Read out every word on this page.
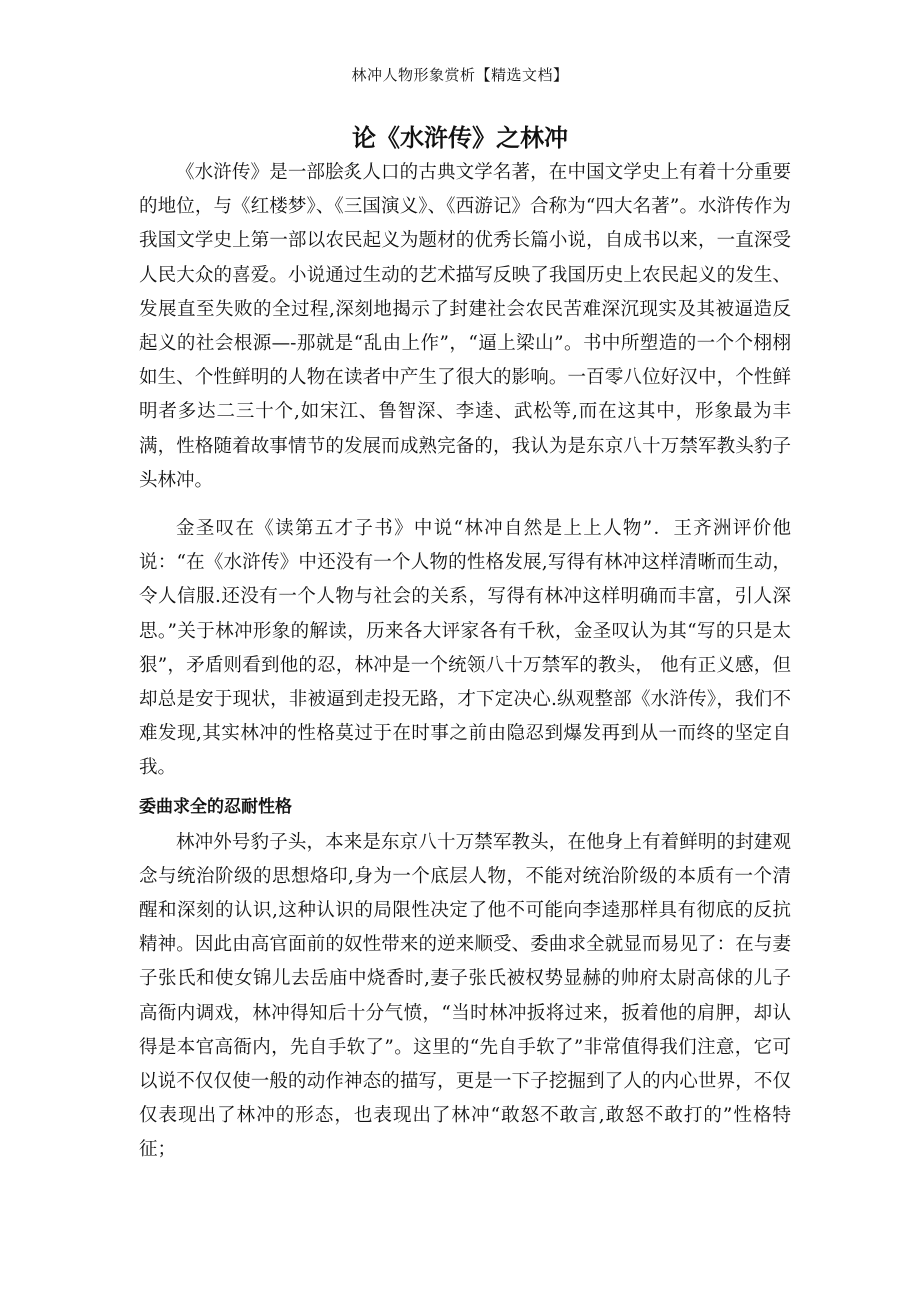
林冲人物形象赏析【精选文档】
论《水浒传》之林冲

《水浒传》是一部脍炙人口的古典文学名著，在中国文学史上有着十分重要的地位，与《红楼梦》、《三国演义》、《西游记》合称为“四大名著”。水浒传作为我国文学史上第一部以农民起义为题材的优秀长篇小说，自成书以来，一直深受人民大众的喜爱。小说通过生动的艺术描写反映了我国历史上农民起义的发生、发展直至失败的全过程,深刻地揭示了封建社会农民苦难深沉现实及其被逼造反起义的社会根源—-那就是“乱由上作”，“逼上梁山”。书中所塑造的一个个栩栩如生、个性鲜明的人物在读者中产生了很大的影响。一百零八位好汉中，个性鲜明者多达二三十个,如宋江、鲁智深、李逵、武松等,而在这其中，形象最为丰满，性格随着故事情节的发展而成熟完备的，我认为是东京八十万禁军教头豹子头林冲。

金圣叹在《读第五才子书》中说“林冲自然是上上人物”．王齐洲评价他说：“在《水浒传》中还没有一个人物的性格发展,写得有林冲这样清晰而生动，令人信服.还没有一个人物与社会的关系，写得有林冲这样明确而丰富，引人深思。”关于林冲形象的解读，历来各大评家各有千秋，金圣叹认为其“写的只是太狠”，矛盾则看到他的忍，林冲是一个统领八十万禁军的教头， 他有正义感，但却总是安于现状，非被逼到走投无路，才下定决心.纵观整部《水浒传》，我们不难发现,其实林冲的性格莫过于在时事之前由隐忍到爆发再到从一而终的坚定自我。

委曲求全的忍耐性格

林冲外号豹子头，本来是东京八十万禁军教头，在他身上有着鲜明的封建观念与统治阶级的思想烙印,身为一个底层人物，不能对统治阶级的本质有一个清醒和深刻的认识,这种认识的局限性决定了他不可能向李逵那样具有彻底的反抗精神。因此由高官面前的奴性带来的逆来顺受、委曲求全就显而易见了：在与妻子张氏和使女锦儿去岳庙中烧香时,妻子张氏被权势显赫的帅府太尉高俅的儿子高衙内调戏，林冲得知后十分气愤，“当时林冲扳将过来，扳着他的肩胛，却认得是本官高衙内，先自手软了”。这里的“先自手软了”非常值得我们注意，它可以说不仅仅使一般的动作神态的描写，更是一下子挖掘到了人的内心世界，不仅仅表现出了林冲的形态，也表现出了林冲“敢怒不敢言,敢怒不敢打的”性格特征；
